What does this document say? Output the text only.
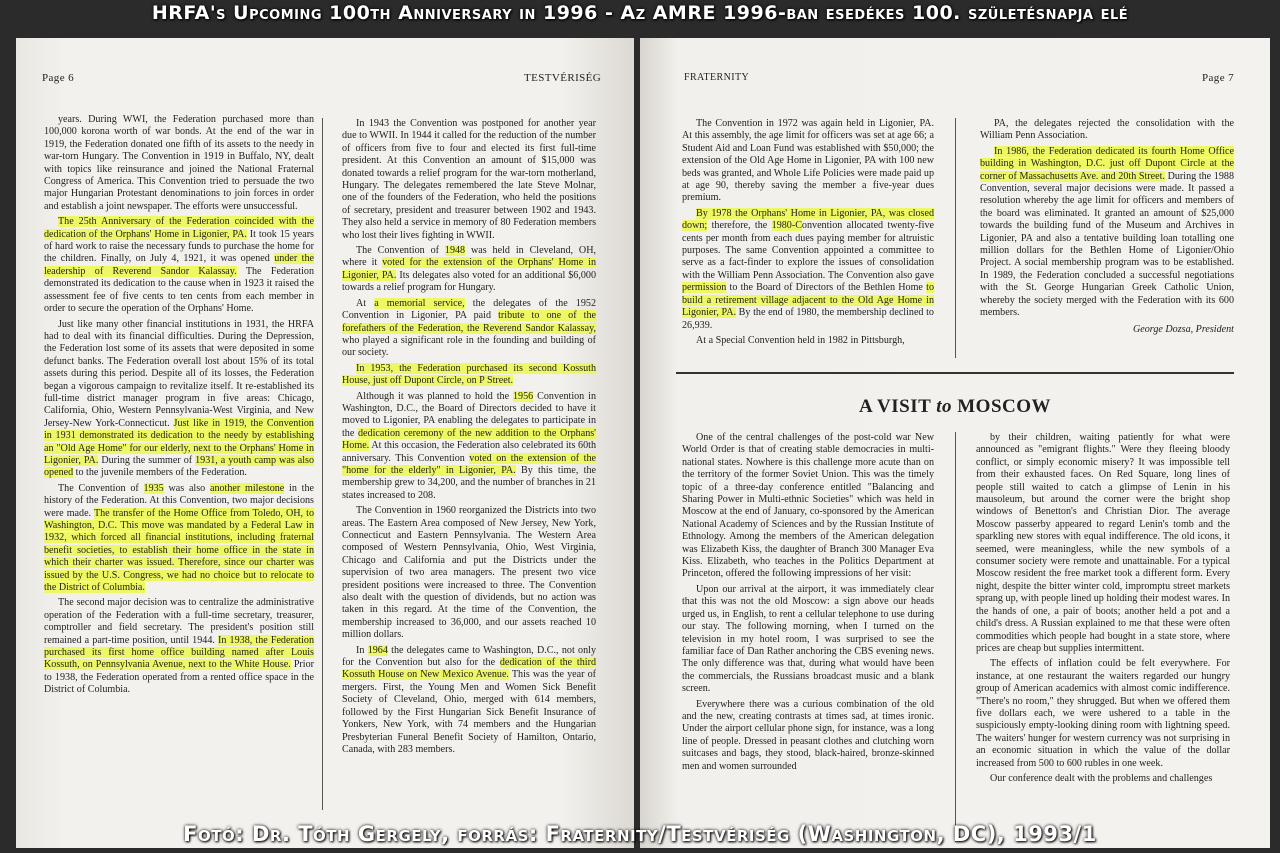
HRFA's Upcoming 100th Anniversary in 1996 - Az AMRE 1996-ban esedékes 100. születésnapja elé
Page 6	TESTVÉRISÉG

years. During WWI, the Federation purchased more than 100,000 korona worth of war bonds. At the end of the war in 1919, the Federation donated one fifth of its assets to the needy in war-torn Hungary. The Convention in 1919 in Buffalo, NY, dealt with topics like reinsurance and joined the National Fraternal Congress of America. This Convention tried to persuade the two major Hungarian Protestant denominations to join forces in order and establish a joint newspaper. The efforts were unsuccessful.

The 25th Anniversary of the Federation coincided with the dedication of the Orphans' Home in Ligonier, PA. It took 15 years of hard work to raise the necessary funds to purchase the home for the children. Finally, on July 4, 1921, it was opened under the leadership of Reverend Sandor Kalassay. The Federation demonstrated its dedication to the cause when in 1923 it raised the assessment fee of five cents to ten cents from each member in order to secure the operation of the Orphans' Home.

Just like many other financial institutions in 1931, the HRFA had to deal with its financial difficulties. During the Depression, the Federation lost some of its assets that were deposited in some defunct banks. The Federation overall lost about 15% of its total assets during this period. Despite all of its losses, the Federation began a vigorous campaign to revitalize itself. It re-established its full-time district manager program in five areas: Chicago, California, Ohio, Western Pennsylvania-West Virginia, and New Jersey-New York-Connecticut. Just like in 1919, the Convention in 1931 demonstrated its dedication to the needy by establishing an "Old Age Home" for our elderly, next to the Orphans' Home in Ligonier, PA. During the summer of 1931, a youth camp was also opened to the juvenile members of the Federation.

The Convention of 1935 was also another milestone in the history of the Federation. At this Convention, two major decisions were made. The transfer of the Home Office from Toledo, OH, to Washington, D.C. This move was mandated by a Federal Law in 1932, which forced all financial institutions, including fraternal benefit societies, to establish their home office in the state in which their charter was issued. Therefore, since our charter was issued by the U.S. Congress, we had no choice but to relocate to the District of Columbia.

The second major decision was to centralize the administrative operation of the Federation with a full-time secretary, treasurer, comptroller and field secretary. The president's position still remained a part-time position, until 1944. In 1938, the Federation purchased its first home office building named after Louis Kossuth, on Pennsylvania Avenue, next to the White House. Prior to 1938, the Federation operated from a rented office space in the District of Columbia.

In 1943 the Convention was postponed for another year due to WWII. In 1944 it called for the reduction of the number of officers from five to four and elected its first full-time president. At this Convention an amount of $15,000 was donated towards a relief program for the war-torn motherland, Hungary. The delegates remembered the late Steve Molnar, one of the founders of the Federation, who held the positions of secretary, president and treasurer between 1902 and 1943. They also held a service in memory of 80 Federation members who lost their lives fighting in WWII.

The Convention of 1948 was held in Cleveland, OH, where it voted for the extension of the Orphans' Home in Ligonier, PA. Its delegates also voted for an additional $6,000 towards a relief program for Hungary.

At a memorial service, the delegates of the 1952 Convention in Ligonier, PA paid tribute to one of the forefathers of the Federation, the Reverend Sandor Kalassay, who played a significant role in the founding and building of our society.

In 1953, the Federation purchased its second Kossuth House, just off Dupont Circle, on P Street.

Although it was planned to hold the 1956 Convention in Washington, D.C., the Board of Directors decided to have it moved to Ligonier, PA enabling the delegates to participate in the dedication ceremony of the new addition to the Orphans' Home. At this occasion, the Federation also celebrated its 60th anniversary. This Convention voted on the extension of the "home for the elderly" in Ligonier, PA. By this time, the membership grew to 34,200, and the number of branches in 21 states increased to 208.

The Convention in 1960 reorganized the Districts into two areas. The Eastern Area composed of New Jersey, New York, Connecticut and Eastern Pennsylvania. The Western Area composed of Western Pennsylvania, Ohio, West Virginia, Chicago and California and put the Districts under the supervision of two area managers. The present two vice president positions were increased to three. The Convention also dealt with the question of dividends, but no action was taken in this regard. At the time of the Convention, the membership increased to 36,000, and our assets reached 10 million dollars.

In 1964 the delegates came to Washington, D.C., not only for the Convention but also for the dedication of the third Kossuth House on New Mexico Avenue. This was the year of mergers. First, the Young Men and Women Sick Benefit Society of Cleveland, Ohio, merged with 614 members, followed by the First Hungarian Sick Benefit Insurance of Yonkers, New York, with 74 members and the Hungarian Presbyterian Funeral Benefit Society of Hamilton, Ontario, Canada, with 283 members.

FRATERNITY	Page 7

The Convention in 1972 was again held in Ligonier, PA. At this assembly, the age limit for officers was set at age 66; a Student Aid and Loan Fund was established with $50,000; the extension of the Old Age Home in Ligonier, PA with 100 new beds was granted, and Whole Life Policies were made paid up at age 90, thereby saving the member a five-year dues premium.

By 1978 the Orphans' Home in Ligonier, PA, was closed down; therefore, the 1980-Convention allocated twenty-five cents per month from each dues paying member for altruistic purposes. The same Convention appointed a committee to serve as a fact-finder to explore the issues of consolidation with the William Penn Association. The Convention also gave permission to the Board of Directors of the Bethlen Home to build a retirement village adjacent to the Old Age Home in Ligonier, PA. By the end of 1980, the membership declined to 26,939.

At a Special Convention held in 1982 in Pittsburgh,

PA, the delegates rejected the consolidation with the William Penn Association.

In 1986, the Federation dedicated its fourth Home Office building in Washington, D.C. just off Dupont Circle at the corner of Massachusetts Ave. and 20th Street. During the 1988 Convention, several major decisions were made. It passed a resolution whereby the age limit for officers and members of the board was eliminated. It granted an amount of $25,000 towards the building fund of the Museum and Archives in Ligonier, PA and also a tentative building loan totalling one million dollars for the Bethlen Home of Ligonier/Ohio Project. A social membership program was to be established. In 1989, the Federation concluded a successful negotiations with the St. George Hungarian Greek Catholic Union, whereby the society merged with the Federation with its 600 members.

George Dozsa, President
A VISIT to MOSCOW

One of the central challenges of the post-cold war New World Order is that of creating stable democracies in multi-national states. Nowhere is this challenge more acute than on the territory of the former Soviet Union. This was the timely topic of a three-day conference entitled "Balancing and Sharing Power in Multi-ethnic Societies" which was held in Moscow at the end of January, co-sponsored by the American National Academy of Sciences and by the Russian Institute of Ethnology. Among the members of the American delegation was Elizabeth Kiss, the daughter of Branch 300 Manager Eva Kiss. Elizabeth, who teaches in the Politics Department at Princeton, offered the following impressions of her visit:

Upon our arrival at the airport, it was immediately clear that this was not the old Moscow: a sign above our heads urged us, in English, to rent a cellular telephone to use during our stay. The following morning, when I turned on the television in my hotel room, I was surprised to see the familiar face of Dan Rather anchoring the CBS evening news. The only difference was that, during what would have been the commercials, the Russians broadcast music and a blank screen.

Everywhere there was a curious combination of the old and the new, creating contrasts at times sad, at times ironic. Under the airport cellular phone sign, for instance, was a long line of people. Dressed in peasant clothes and clutching worn suitcases and bags, they stood, black-haired, bronze-skinned men and women surrounded

by their children, waiting patiently for what were announced as "emigrant flights." Were they fleeing bloody conflict, or simply economic misery? It was impossible tell from their exhausted faces. On Red Square, long lines of people still waited to catch a glimpse of Lenin in his mausoleum, but around the corner were the bright shop windows of Benetton's and Christian Dior. The average Moscow passerby appeared to regard Lenin's tomb and the sparkling new stores with equal indifference. The old icons, it seemed, were meaningless, while the new symbols of a consumer society were remote and unattainable. For a typical Moscow resident the free market took a different form. Every night, despite the bitter winter cold, impromptu street markets sprang up, with people lined up holding their modest wares. In the hands of one, a pair of boots; another held a pot and a child's dress. A Russian explained to me that these were often commodities which people had bought in a state store, where prices are cheap but supplies intermittent.

The effects of inflation could be felt everywhere. For instance, at one restaurant the waiters regarded our hungry group of American academics with almost comic indifference. "There's no room," they shrugged. But when we offered them five dollars each, we were ushered to a table in the suspiciously empty-looking dining room with lightning speed. The waiters' hunger for western currency was not surprising in an economic situation in which the value of the dollar increased from 500 to 600 rubles in one week.

Our conference dealt with the problems and challenges

Fotó: Dr. Tóth Gergely, forrás: Fraternity/Testvériség (Washington, DC), 1993/1
